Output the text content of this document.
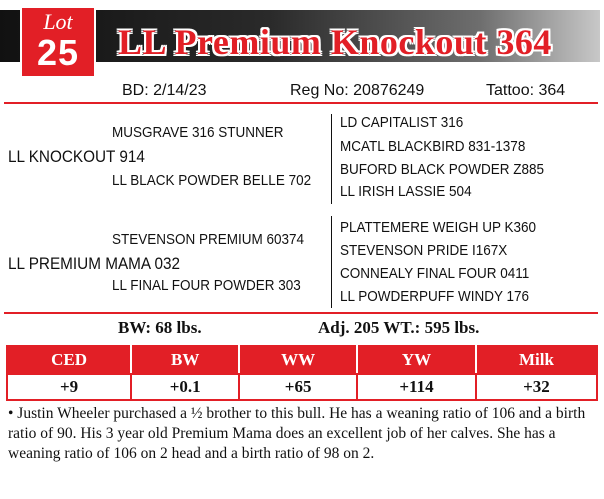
Lot
25	LL Premium Knockout 364
BD: 2/14/23	Reg No: 20876249	Tattoo: 364
MUSGRAVE 316 STUNNER
LL KNOCKOUT 914
LL BLACK POWDER BELLE 702
LD CAPITALIST 316
MCATL BLACKBIRD 831-1378
BUFORD BLACK POWDER Z885
LL IRISH LASSIE 504
STEVENSON PREMIUM 60374
LL PREMIUM MAMA 032
LL FINAL FOUR POWDER 303
PLATTEMERE WEIGH UP K360
STEVENSON PRIDE I167X
CONNEALY FINAL FOUR 0411
LL POWDERPUFF WINDY 176
BW: 68 lbs.	Adj. 205 WT.: 595 lbs.
CED	BW	WW	YW	Milk
+9	+0.1	+65	+114	+32
• Justin Wheeler purchased a ½ brother to this bull. He has a weaning ratio of 106 and a birth ratio of 90. His 3 year old Premium Mama does an excellent job of her calves. She has a weaning ratio of 106 on 2 head and a birth ratio of 98 on 2.
